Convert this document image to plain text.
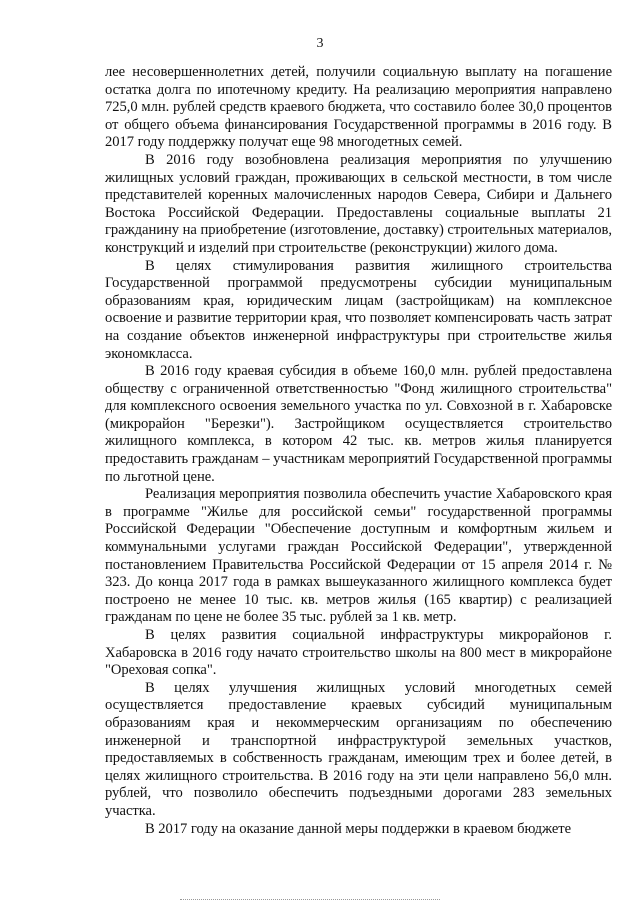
3

лее несовершеннолетних детей, получили социальную выплату на погашение остатка долга по ипотечному кредиту. На реализацию мероприятия направлено 725,0 млн. рублей средств краевого бюджета, что составило более 30,0 процентов от общего объема финансирования Государственной программы в 2016 году. В 2017 году поддержку получат еще 98 многодетных семей.

В 2016 году возобновлена реализация мероприятия по улучшению жилищных условий граждан, проживающих в сельской местности, в том числе представителей коренных малочисленных народов Севера, Сибири и Дальнего Востока Российской Федерации. Предоставлены социальные выплаты 21 гражданину на приобретение (изготовление, доставку) строительных материалов, конструкций и изделий при строительстве (реконструкции) жилого дома.

В целях стимулирования развития жилищного строительства Государственной программой предусмотрены субсидии муниципальным образованиям края, юридическим лицам (застройщикам) на комплексное освоение и развитие территории края, что позволяет компенсировать часть затрат на создание объектов инженерной инфраструктуры при строительстве жилья экономкласса.

В 2016 году краевая субсидия в объеме 160,0 млн. рублей предоставлена обществу с ограниченной ответственностью "Фонд жилищного строительства" для комплексного освоения земельного участка по ул. Совхозной в г. Хабаровске (микрорайон "Березки"). Застройщиком осуществляется строительство жилищного комплекса, в котором 42 тыс. кв. метров жилья планируется предоставить гражданам – участникам мероприятий Государственной программы по льготной цене.

Реализация мероприятия позволила обеспечить участие Хабаровского края в программе "Жилье для российской семьи" государственной программы Российской Федерации "Обеспечение доступным и комфортным жильем и коммунальными услугами граждан Российской Федерации", утвержденной постановлением Правительства Российской Федерации от 15 апреля 2014 г. № 323. До конца 2017 года в рамках вышеуказанного жилищного комплекса будет построено не менее 10 тыс. кв. метров жилья (165 квартир) с реализацией гражданам по цене не более 35 тыс. рублей за 1 кв. метр.

В целях развития социальной инфраструктуры микрорайонов г. Хабаровска в 2016 году начато строительство школы на 800 мест в микрорайоне "Ореховая сопка".

В целях улучшения жилищных условий многодетных семей осуществляется предоставление краевых субсидий муниципальным образованиям края и некоммерческим организациям по обеспечению инженерной и транспортной инфраструктурой земельных участков, предоставляемых в собственность гражданам, имеющим трех и более детей, в целях жилищного строительства. В 2016 году на эти цели направлено 56,0 млн. рублей, что позволило обеспечить подъездными дорогами 283 земельных участка.

В 2017 году на оказание данной меры поддержки в краевом бюджете
